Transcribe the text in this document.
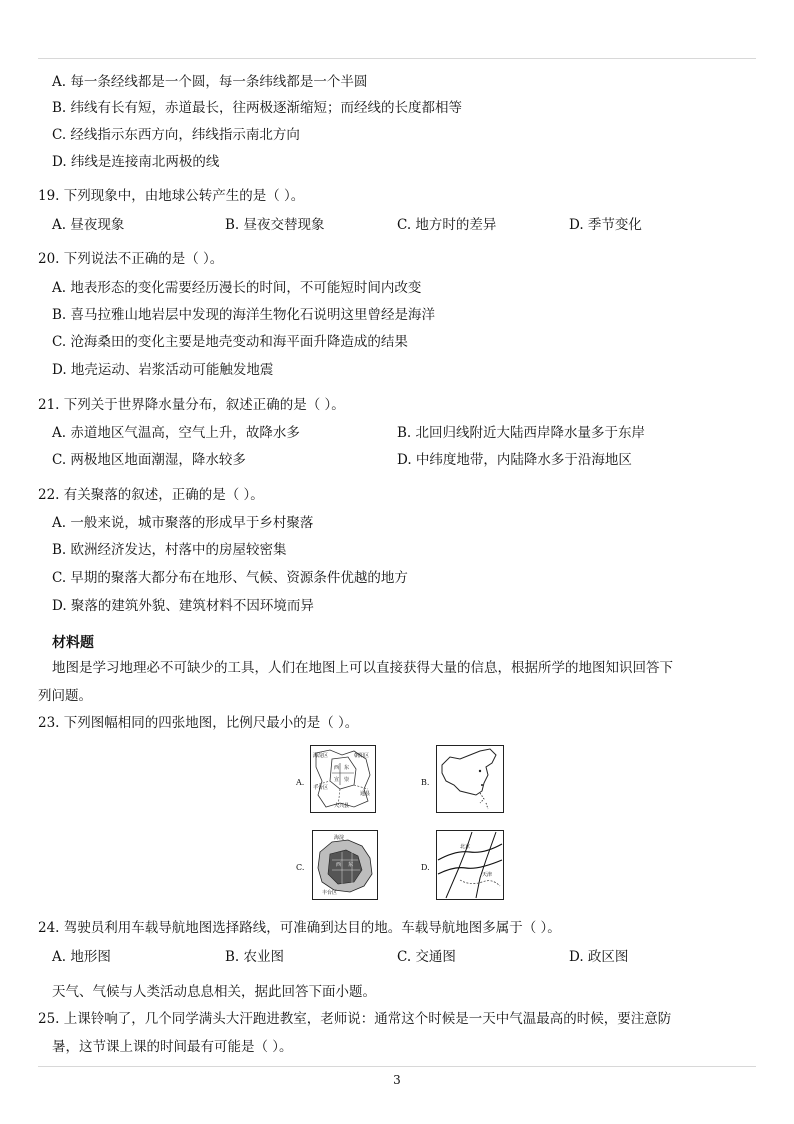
A. 每一条经线都是一个圆，每一条纬线都是一个半圆
B. 纬线有长有短，赤道最长，往两极逐渐缩短；而经线的长度都相等
C. 经线指示东西方向，纬线指示南北方向
D. 纬线是连接南北两极的线
19. 下列现象中，由地球公转产生的是（ ）。
A. 昼夜现象	B. 昼夜交替现象	C. 地方时的差异	D. 季节变化
20. 下列说法不正确的是（ ）。
A. 地表形态的变化需要经历漫长的时间，不可能短时间内改变
B. 喜马拉雅山地岩层中发现的海洋生物化石说明这里曾经是海洋
C. 沧海桑田的变化主要是地壳变动和海平面升降造成的结果
D. 地壳运动、岩浆活动可能触发地震
21. 下列关于世界降水量分布，叙述正确的是（ ）。
A. 赤道地区气温高，空气上升，故降水多	B. 北回归线附近大陆西岸降水量多于东岸
C. 两极地区地面潮湿，降水较多	D. 中纬度地带，内陆降水多于沿海地区
22. 有关聚落的叙述，正确的是（ ）。
A. 一般来说，城市聚落的形成早于乡村聚落
B. 欧洲经济发达，村落中的房屋较密集
C. 早期的聚落大都分布在地形、气候、资源条件优越的地方
D. 聚落的建筑外貌、建筑材料不因环境而异
材料题
地图是学习地理必不可缺少的工具，人们在地图上可以直接获得大量的信息，根据所学的地图知识回答下
列问题。
23. 下列图幅相同的四张地图，比例尺最小的是（ ）。
A.
海淀区	朝阳区
东
西
崇
宣
丰台区
通县
大兴县
B.
C.
海淀
东
西
丰台区
D.
北京
天津
24. 驾驶员利用车载导航地图选择路线，可准确到达目的地。车载导航地图多属于（ ）。
A. 地形图	B. 农业图	C. 交通图	D. 政区图
天气、气候与人类活动息息相关，据此回答下面小题。
25. 上课铃响了，几个同学满头大汗跑进教室，老师说：通常这个时候是一天中气温最高的时候，要注意防
暑，这节课上课的时间最有可能是（ ）。
3
